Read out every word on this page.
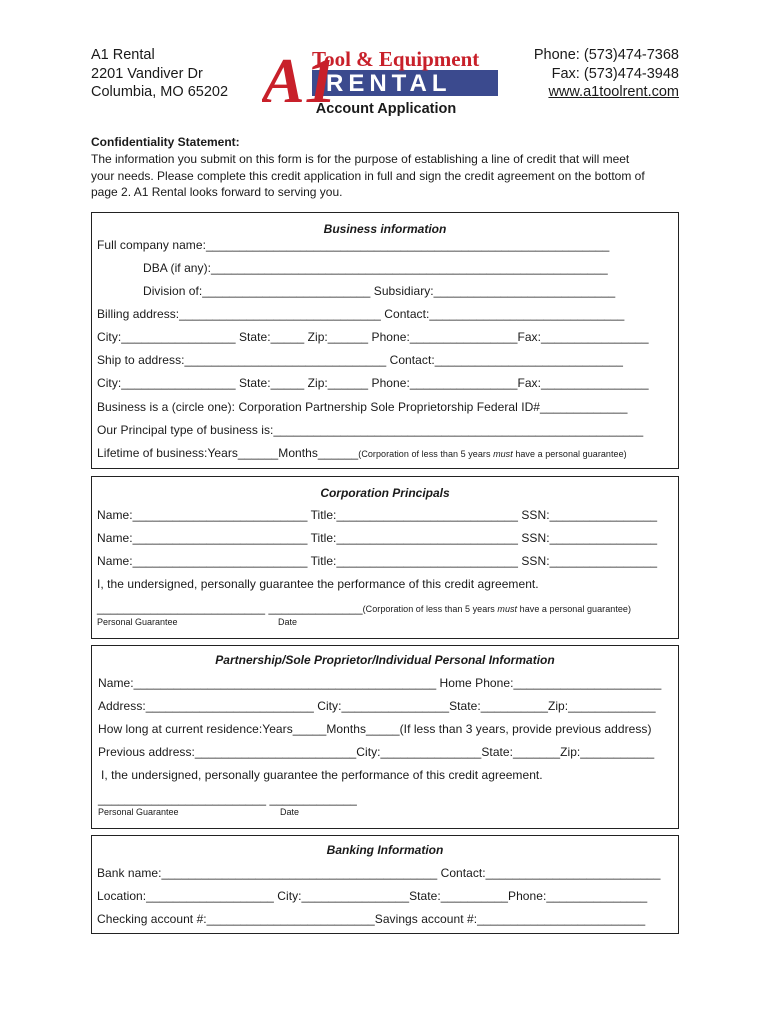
A1 Rental
2201 Vandiver Dr
Columbia, MO 65202
Phone: (573)474-7368
Fax: (573)474-3948
www.a1toolrent.com
Tool & Equipment
RENTAL
A1
Account Application
Confidentiality Statement:
The information you submit on this form is for the purpose of establishing a line of credit that will meet
your needs. Please complete this credit application in full and sign the credit agreement on the bottom of
page 2. A1 Rental looks forward to serving you.
Business information
Full company name:____________________________________________________________
DBA (if any):___________________________________________________________
Division of:_________________________ Subsidiary:___________________________
Billing address:______________________________ Contact:_____________________________
City:_________________ State:_____ Zip:______ Phone:________________Fax:________________
Ship to address:______________________________ Contact:____________________________
City:_________________ State:_____ Zip:______ Phone:________________Fax:________________
Business is a (circle one): Corporation Partnership Sole Proprietorship Federal ID#_____________
Our Principal type of business is:_______________________________________________________
Lifetime of business:Years______Months______(Corporation of less than 5 years must have a personal guarantee)
Corporation Principals
Name:__________________________ Title:___________________________ SSN:________________
Name:__________________________ Title:___________________________ SSN:________________
Name:__________________________ Title:___________________________ SSN:________________
I, the undersigned, personally guarantee the performance of this credit agreement.
_________________________ ______________(Corporation of less than 5 years must have a personal guarantee)
Personal Guarantee	Date
Partnership/Sole Proprietor/Individual Personal Information
Name:_____________________________________________ Home Phone:______________________
Address:_________________________ City:________________State:__________Zip:_____________
How long at current residence:Years_____Months_____(If less than 3 years, provide previous address)
Previous address:________________________City:_______________State:_______Zip:___________
I, the undersigned, personally guarantee the performance of this credit agreement.
_________________________ _____________
Personal Guarantee	Date
Banking Information
Bank name:_________________________________________ Contact:__________________________
Location:___________________ City:________________State:__________Phone:_______________
Checking account #:_________________________Savings account #:_________________________
